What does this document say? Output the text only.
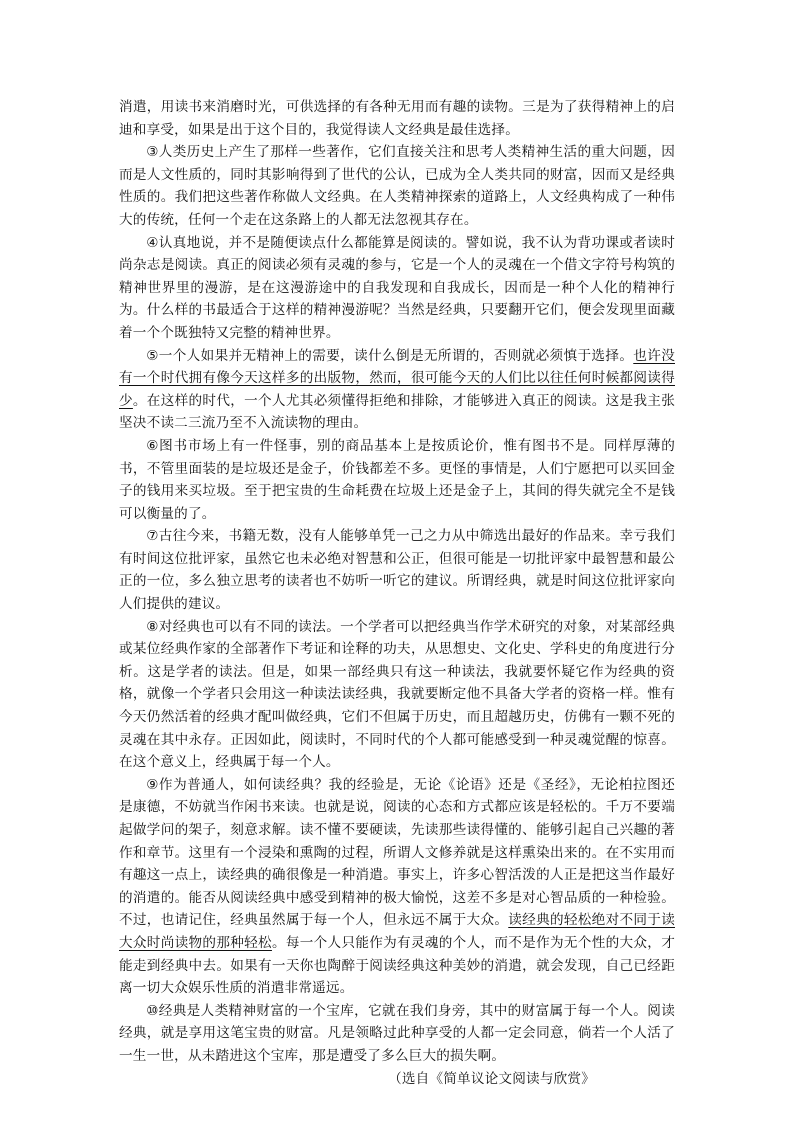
消遣，用读书来消磨时光，可供选择的有各种无用而有趣的读物。三是为了获得精神上的启迪和享受，如果是出于这个目的，我觉得读人文经典是最佳选择。

③人类历史上产生了那样一些著作，它们直接关注和思考人类精神生活的重大问题，因而是人文性质的，同时其影响得到了世代的公认，已成为全人类共同的财富，因而又是经典性质的。我们把这些著作称做人文经典。在人类精神探索的道路上，人文经典构成了一种伟大的传统，任何一个走在这条路上的人都无法忽视其存在。

④认真地说，并不是随便读点什么都能算是阅读的。譬如说，我不认为背功课或者读时尚杂志是阅读。真正的阅读必须有灵魂的参与，它是一个人的灵魂在一个借文字符号构筑的精神世界里的漫游，是在这漫游途中的自我发现和自我成长，因而是一种个人化的精神行为。什么样的书最适合于这样的精神漫游呢？当然是经典，只要翻开它们，便会发现里面藏着一个个既独特又完整的精神世界。

⑤一个人如果并无精神上的需要，读什么倒是无所谓的，否则就必须慎于选择。也许没有一个时代拥有像今天这样多的出版物，然而，很可能今天的人们比以往任何时候都阅读得少。在这样的时代，一个人尤其必须懂得拒绝和排除，才能够进入真正的阅读。这是我主张坚决不读二三流乃至不入流读物的理由。

⑥图书市场上有一件怪事，别的商品基本上是按质论价，惟有图书不是。同样厚薄的书，不管里面装的是垃圾还是金子，价钱都差不多。更怪的事情是，人们宁愿把可以买回金子的钱用来买垃圾。至于把宝贵的生命耗费在垃圾上还是金子上，其间的得失就完全不是钱可以衡量的了。

⑦古往今来，书籍无数，没有人能够单凭一己之力从中筛选出最好的作品来。幸亏我们有时间这位批评家，虽然它也未必绝对智慧和公正，但很可能是一切批评家中最智慧和最公正的一位，多么独立思考的读者也不妨听一听它的建议。所谓经典，就是时间这位批评家向人们提供的建议。

⑧对经典也可以有不同的读法。一个学者可以把经典当作学术研究的对象，对某部经典或某位经典作家的全部著作下考证和诠释的功夫，从思想史、文化史、学科史的角度进行分析。这是学者的读法。但是，如果一部经典只有这一种读法，我就要怀疑它作为经典的资格，就像一个学者只会用这一种读法读经典，我就要断定他不具备大学者的资格一样。惟有今天仍然活着的经典才配叫做经典，它们不但属于历史，而且超越历史，仿佛有一颗不死的灵魂在其中永存。正因如此，阅读时，不同时代的个人都可能感受到一种灵魂觉醒的惊喜。在这个意义上，经典属于每一个人。

⑨作为普通人，如何读经典？我的经验是，无论《论语》还是《圣经》，无论柏拉图还是康德，不妨就当作闲书来读。也就是说，阅读的心态和方式都应该是轻松的。千万不要端起做学问的架子，刻意求解。读不懂不要硬读，先读那些读得懂的、能够引起自己兴趣的著作和章节。这里有一个浸染和熏陶的过程，所谓人文修养就是这样熏染出来的。在不实用而有趣这一点上，读经典的确很像是一种消遣。事实上，许多心智活泼的人正是把这当作最好的消遣的。能否从阅读经典中感受到精神的极大愉悦，这差不多是对心智品质的一种检验。不过，也请记住，经典虽然属于每一个人，但永远不属于大众。读经典的轻松绝对不同于读大众时尚读物的那种轻松。每一个人只能作为有灵魂的个人，而不是作为无个性的大众，才能走到经典中去。如果有一天你也陶醉于阅读经典这种美妙的消遣，就会发现，自己已经距离一切大众娱乐性质的消遣非常遥远。

⑩经典是人类精神财富的一个宝库，它就在我们身旁，其中的财富属于每一个人。阅读经典，就是享用这笔宝贵的财富。凡是领略过此种享受的人都一定会同意，倘若一个人活了一生一世，从未踏进这个宝库，那是遭受了多么巨大的损失啊。

（选自《简单议论文阅读与欣赏》
